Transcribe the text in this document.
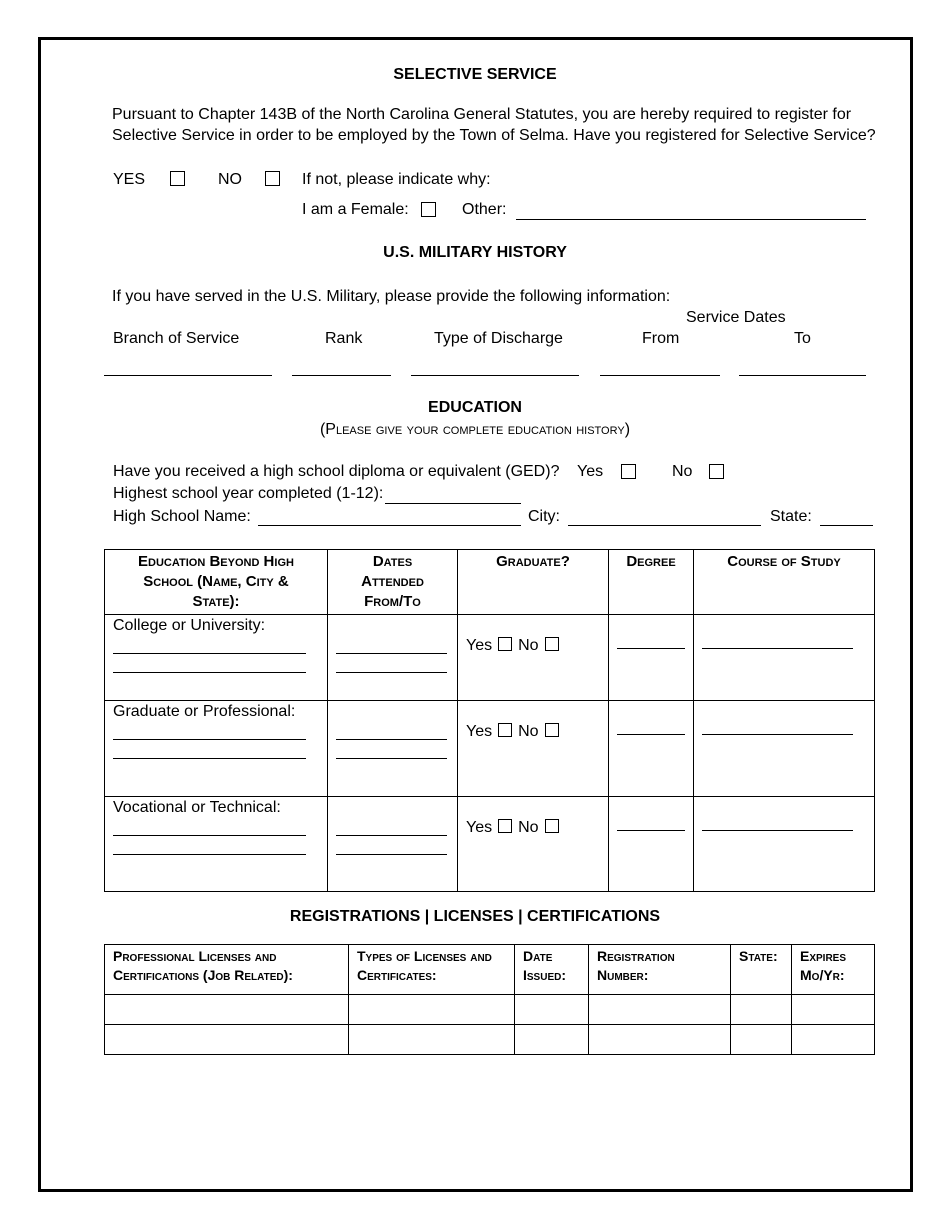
SELECTIVE SERVICE
Pursuant to Chapter 143B of the North Carolina General Statutes, you are hereby required to register for
Selective Service in order to be employed by the Town of Selma. Have you registered for Selective Service?
YES	NO	If not, please indicate why:
I am a Female:	Other:
U.S. MILITARY HISTORY
If you have served in the U.S. Military, please provide the following information:
Service Dates
Branch of Service	Rank	Type of Discharge	From	To
EDUCATION
(Please give your complete education history)
Have you received a high school diploma or equivalent (GED)? Yes	No
Highest school year completed (1-12):
High School Name:	City:	State:
Education Beyond High School (Name, City & State):	Dates Attended From/To	Graduate?	Degree	Course of Study

College or University:		Yes No		

Graduate or Professional:		Yes No		

Vocational or Technical:		Yes No		

REGISTRATIONS | LICENSES | CERTIFICATIONS
Professional Licenses and Certifications (Job Related):	Types of Licenses and Certificates:	Date Issued:	Registration Number:	State:	Expires Mo/Yr:
